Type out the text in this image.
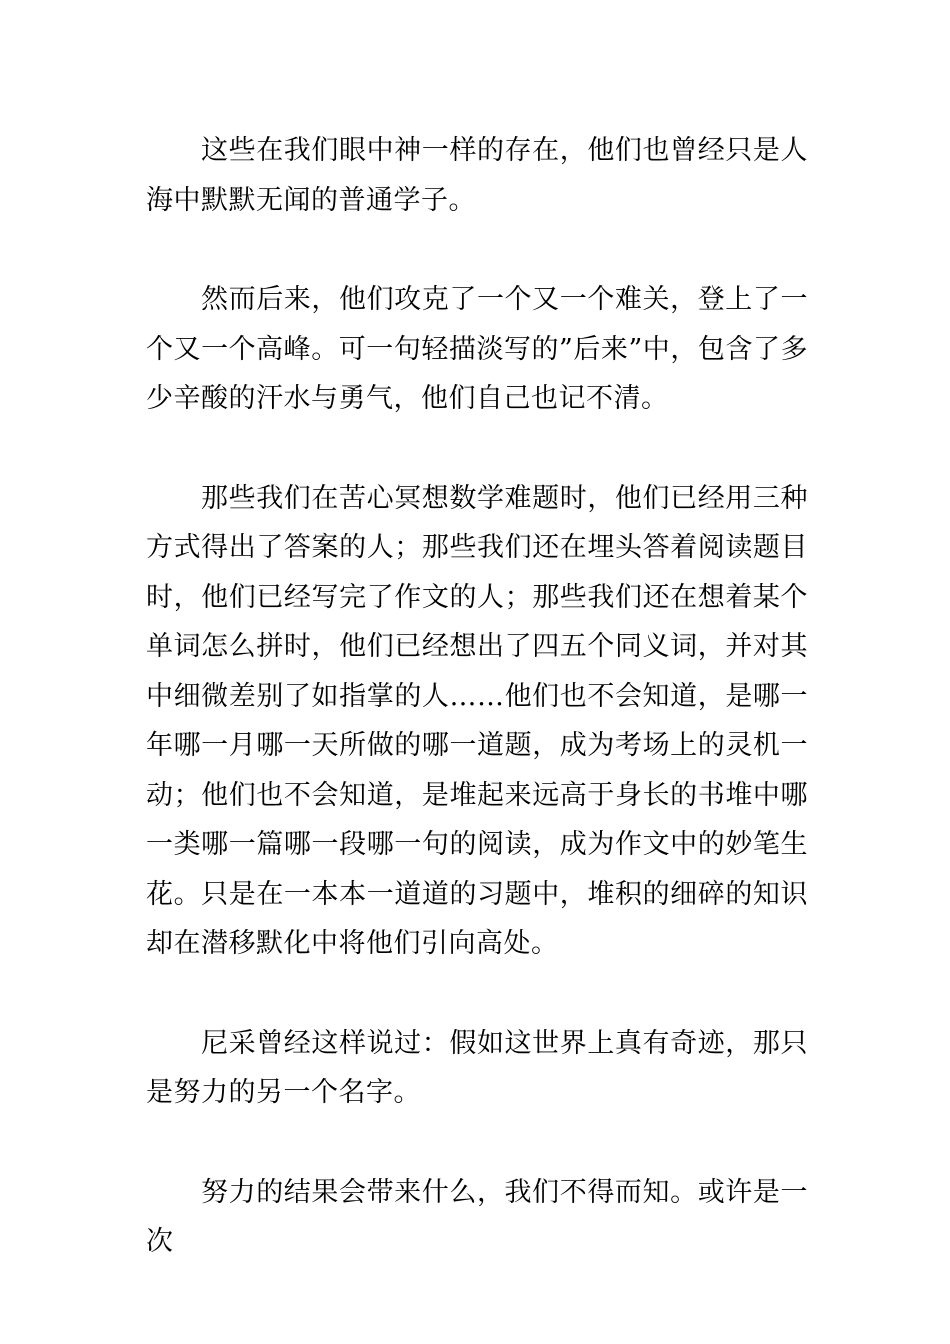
这些在我们眼中神一样的存在，他们也曾经只是人海中默默无闻的普通学子。

然而后来，他们攻克了一个又一个难关，登上了一个又一个高峰。可一句轻描淡写的”后来”中，包含了多少辛酸的汗水与勇气，他们自己也记不清。

那些我们在苦心冥想数学难题时，他们已经用三种方式得出了答案的人；那些我们还在埋头答着阅读题目时，他们已经写完了作文的人；那些我们还在想着某个单词怎么拼时，他们已经想出了四五个同义词，并对其中细微差别了如指掌的人……他们也不会知道，是哪一年哪一月哪一天所做的哪一道题，成为考场上的灵机一动；他们也不会知道，是堆起来远高于身长的书堆中哪一类哪一篇哪一段哪一句的阅读，成为作文中的妙笔生花。只是在一本本一道道的习题中，堆积的细碎的知识却在潜移默化中将他们引向高处。

尼采曾经这样说过：假如这世界上真有奇迹，那只是努力的另一个名字。

努力的结果会带来什么，我们不得而知。或许是一次
